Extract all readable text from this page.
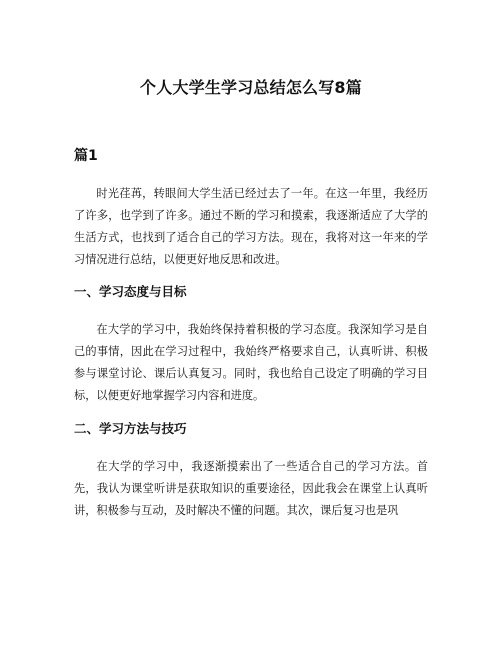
个人大学生学习总结怎么写8篇
篇1

时光荏苒，转眼间大学生活已经过去了一年。在这一年里，我经历了许多，也学到了许多。通过不断的学习和摸索，我逐渐适应了大学的生活方式，也找到了适合自己的学习方法。现在，我将对这一年来的学习情况进行总结，以便更好地反思和改进。

一、学习态度与目标

在大学的学习中，我始终保持着积极的学习态度。我深知学习是自己的事情，因此在学习过程中，我始终严格要求自己，认真听讲、积极参与课堂讨论、课后认真复习。同时，我也给自己设定了明确的学习目标，以便更好地掌握学习内容和进度。

二、学习方法与技巧

在大学的学习中，我逐渐摸索出了一些适合自己的学习方法。首先，我认为课堂听讲是获取知识的重要途径，因此我会在课堂上认真听讲，积极参与互动，及时解决不懂的问题。其次，课后复习也是巩
